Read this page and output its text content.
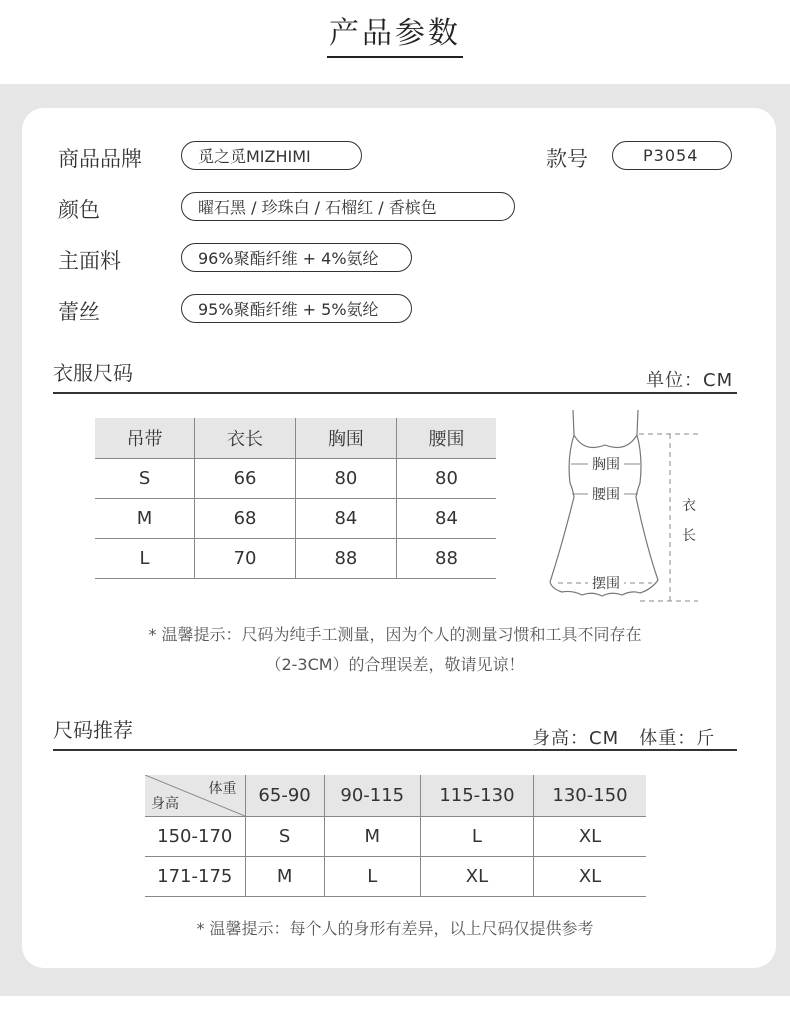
产品参数
商品品牌	觅之觅MIZHIMI	款号	P3054
颜色	曜石黑 / 珍珠白 / 石榴红 / 香槟色
主面料	96%聚酯纤维 + 4%氨纶
蕾丝	95%聚酯纤维 + 5%氨纶
衣服尺码	单位：CM
吊带	衣长	胸围	腰围
S	66	80	80
M	68	84	84
L	70	88	88
胸围
腰围
摆围
衣
长
* 温馨提示：尺码为纯手工测量，因为个人的测量习惯和工具不同存在
（2-3CM）的合理误差，敬请见谅！
尺码推荐	身高：CM   体重：斤
体重
身高	65-90	90-115	115-130	130-150
150-170	S	M	L	XL
171-175	M	L	XL	XL
* 温馨提示：每个人的身形有差异，以上尺码仅提供参考
